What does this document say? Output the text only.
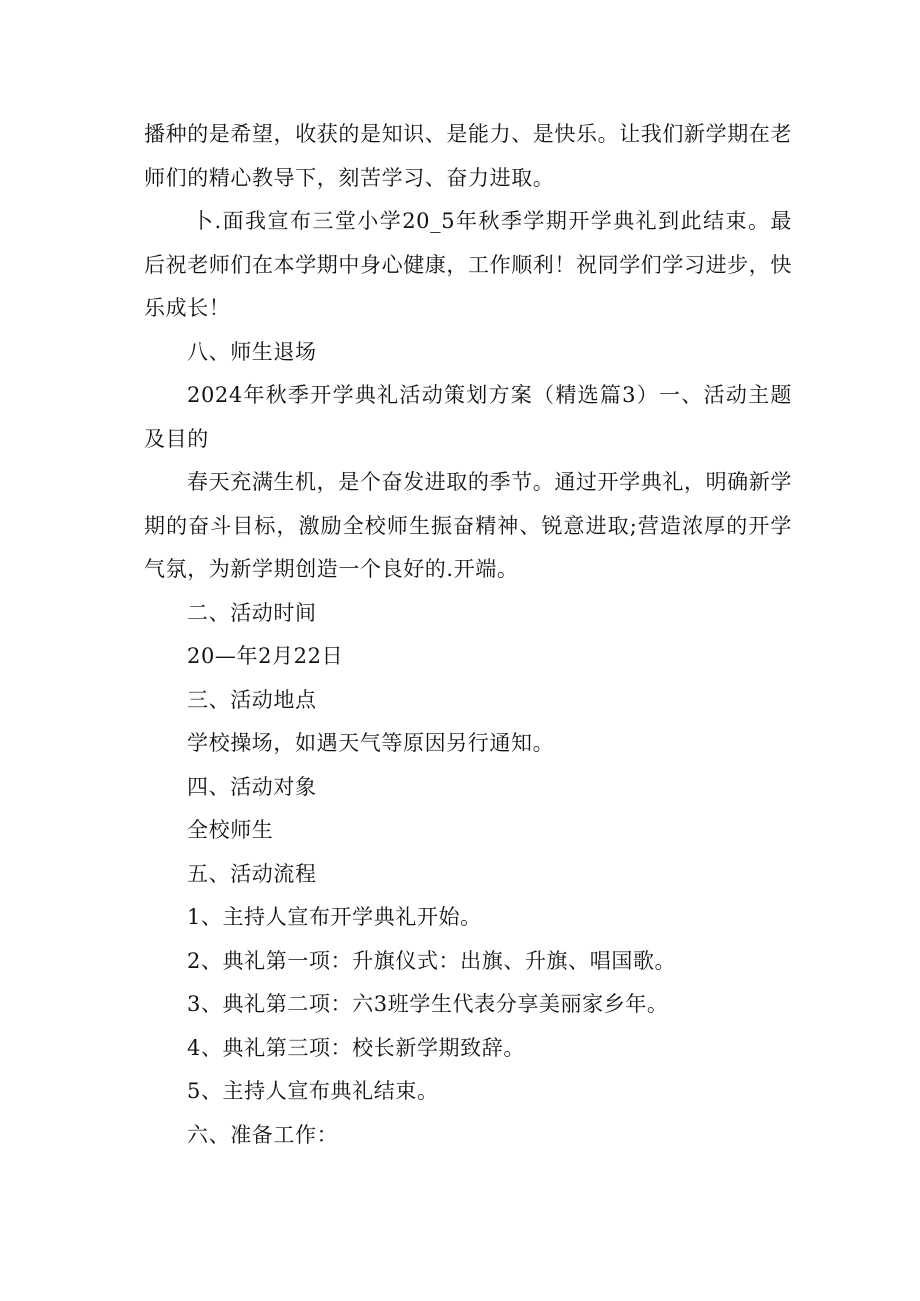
播种的是希望，收获的是知识、是能力、是快乐。让我们新学期在老师们的精心教导下，刻苦学习、奋力进取。

卜.面我宣布三堂小学20_5年秋季学期开学典礼到此结束。最后祝老师们在本学期中身心健康，工作顺利！祝同学们学习进步，快乐成长！

八、师生退场

2024年秋季开学典礼活动策划方案（精选篇3）一、活动主题及目的

春天充满生机，是个奋发进取的季节。通过开学典礼，明确新学期的奋斗目标，激励全校师生振奋精神、锐意进取;营造浓厚的开学气氛，为新学期创造一个良好的.开端。

二、活动时间

20—年2月22日

三、活动地点

学校操场，如遇天气等原因另行通知。

四、活动对象

全校师生

五、活动流程

1、主持人宣布开学典礼开始。

2、典礼第一项：升旗仪式：出旗、升旗、唱国歌。

3、典礼第二项：六3班学生代表分享美丽家乡年。

4、典礼第三项：校长新学期致辞。

5、主持人宣布典礼结束。

六、准备工作：
